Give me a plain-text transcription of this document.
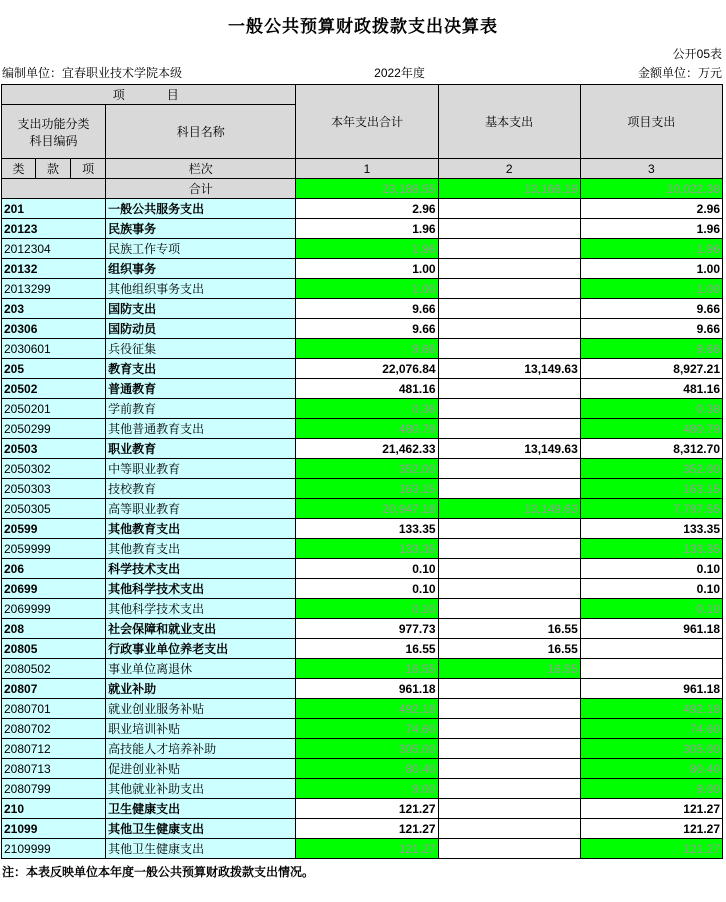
一般公共预算财政拨款支出决算表
公开05表
编制单位：宜春职业技术学院本级	2022年度	金额单位：万元
项　　目				本年支出合计	基本支出	项目支出

支出功能分类
科目编码			科目名称			

类	款	项	栏次	1	2	3
			合计	23,188.55	13,166.18	10,022.38
201			一般公共服务支出	2.96		2.96
20123			民族事务	1.96		1.96
2012304			民族工作专项	1.96		1.96
20132			组织事务	1.00		1.00
2013299			其他组织事务支出	1.00		1.00
203			国防支出	9.66		9.66
20306			国防动员	9.66		9.66
2030601			兵役征集	9.66		9.66
205			教育支出	22,076.84	13,149.63	8,927.21
20502			普通教育	481.16		481.16
2050201			学前教育	0.38		0.38
2050299			其他普通教育支出	480.79		480.79
20503			职业教育	21,462.33	13,149.63	8,312.70
2050302			中等职业教育	352.00		352.00
2050303			技校教育	163.15		163.15
2050305			高等职业教育	20,947.18	13,149.63	7,797.55
20599			其他教育支出	133.35		133.35
2059999			其他教育支出	133.35		133.35
206			科学技术支出	0.10		0.10
20699			其他科学技术支出	0.10		0.10
2069999			其他科学技术支出	0.10		0.10
208			社会保障和就业支出	977.73	16.55	961.18
20805			行政事业单位养老支出	16.55	16.55	
2080502			事业单位离退休	16.55	16.55	
20807			就业补助	961.18		961.18
2080701			就业创业服务补贴	492.18		492.18
2080702			职业培训补贴	74.60		74.60
2080712			高技能人才培养补助	305.00		305.00
2080713			促进创业补贴	80.40		80.40
2080799			其他就业补助支出	9.00		9.00
210			卫生健康支出	121.27		121.27
21099			其他卫生健康支出	121.27		121.27
2109999			其他卫生健康支出	121.27		121.27
注：本表反映单位本年度一般公共预算财政拨款支出情况。
